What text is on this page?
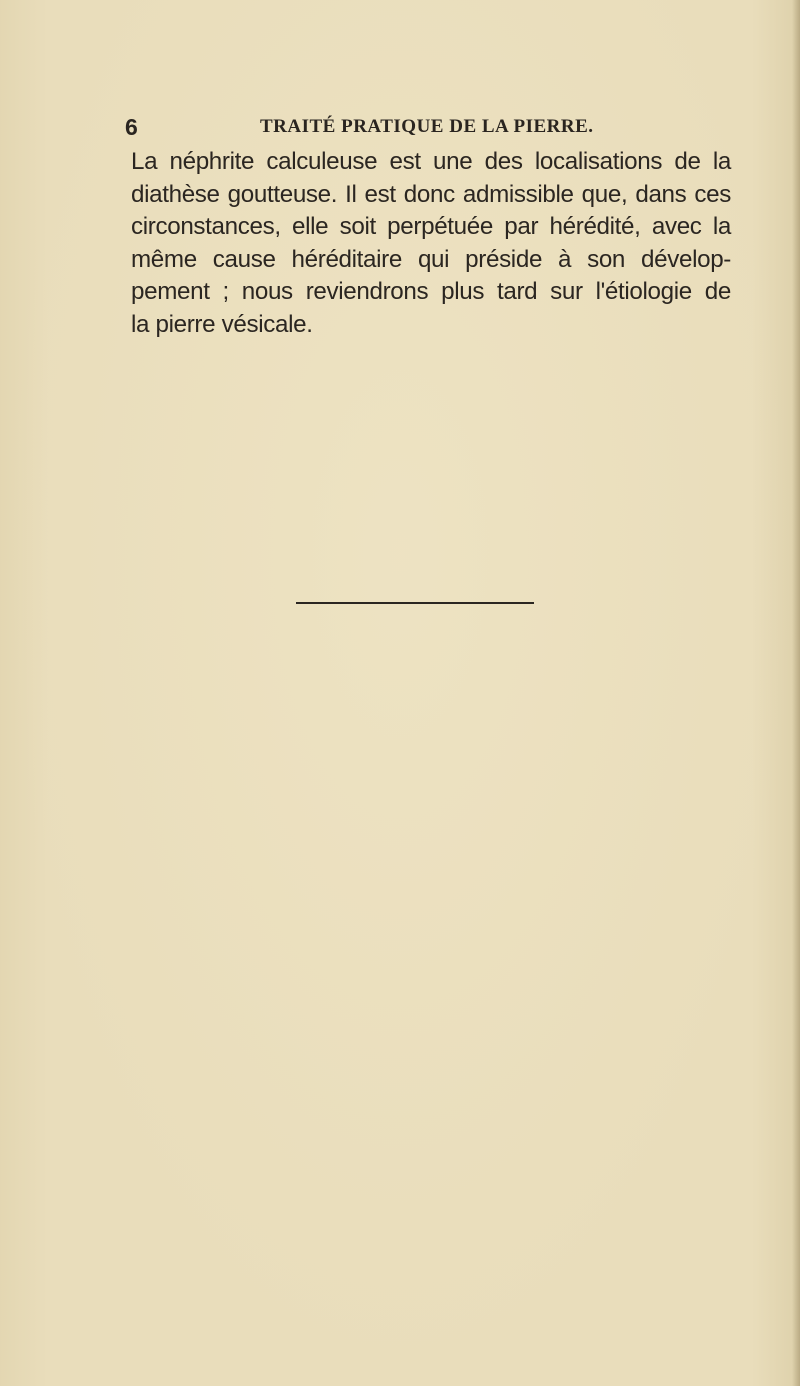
6	TRAITÉ PRATIQUE DE LA PIERRE.

La néphrite calculeuse est une des localisations de la
diathèse goutteuse. Il est donc admissible que, dans ces
circonstances, elle soit perpétuée par hérédité, avec la
même cause héréditaire qui préside à son dévelop-
pement ; nous reviendrons plus tard sur l'étiologie de
la pierre vésicale.
